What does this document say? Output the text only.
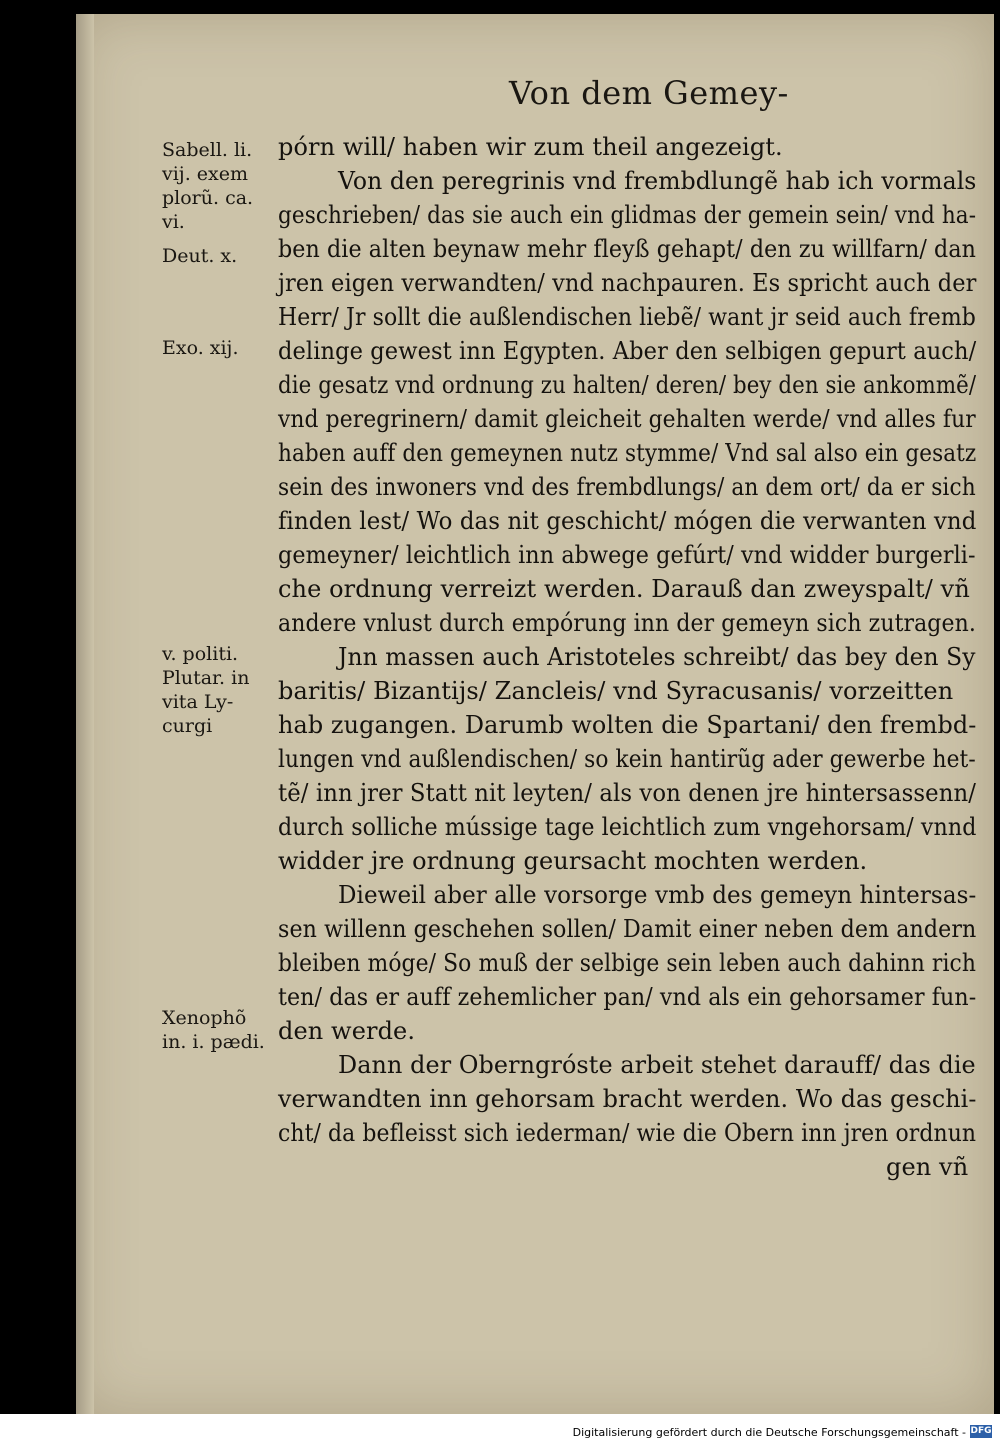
Von dem Gemey-
Sabell. li.
vij. exem
plorũ. ca.
vi.
Deut. x.
Exo. xij.
v. politi.
Plutar. in
vita Ly-
curgi
Xenophõ
in. i. pædi.
pórn will/ haben wir zum theil angezeigt.
Von den peregrinis vnd frembdlungẽ hab ich vormals
geschrieben/ das sie auch ein glidmas der gemein sein/ vnd ha-
ben die alten beynaw mehr fleyß gehapt/ den zu willfarn/ dan
jren eigen verwandten/ vnd nachpauren. Es spricht auch der
Herr/ Jr sollt die außlendischen liebẽ/ want jr seid auch fremb
delinge gewest inn Egypten. Aber den selbigen gepurt auch/
die gesatz vnd ordnung zu halten/ deren/ bey den sie ankommẽ/
vnd peregrinern/ damit gleicheit gehalten werde/ vnd alles fur
haben auff den gemeynen nutz stymme/ Vnd sal also ein gesatz
sein des inwoners vnd des frembdlungs/ an dem ort/ da er sich
finden lest/ Wo das nit geschicht/ mógen die verwanten vnd
gemeyner/ leichtlich inn abwege gefúrt/ vnd widder burgerli-
che ordnung verreizt werden. Darauß dan zweyspalt/ vñ
andere vnlust durch empórung inn der gemeyn sich zutragen.
Jnn massen auch Aristoteles schreibt/ das bey den Sy
baritis/ Bizantijs/ Zancleis/ vnd Syracusanis/ vorzeitten
hab zugangen. Darumb wolten die Spartani/ den frembd-
lungen vnd außlendischen/ so kein hantirũg ader gewerbe het-
tẽ/ inn jrer Statt nit leyten/ als von denen jre hintersassenn/
durch solliche mússige tage leichtlich zum vngehorsam/ vnnd
widder jre ordnung geursacht mochten werden.
Dieweil aber alle vorsorge vmb des gemeyn hintersas-
sen willenn geschehen sollen/ Damit einer neben dem andern
bleiben móge/ So muß der selbige sein leben auch dahinn rich
ten/ das er auff zehemlicher pan/ vnd als ein gehorsamer fun-
den werde.
Dann der Oberngróste arbeit stehet darauff/ das die
verwandten inn gehorsam bracht werden. Wo das geschi-
cht/ da befleisst sich iederman/ wie die Obern inn jren ordnun
gen vñ
Digitalisierung gefördert durch die Deutsche Forschungsgemeinschaft - DFG
